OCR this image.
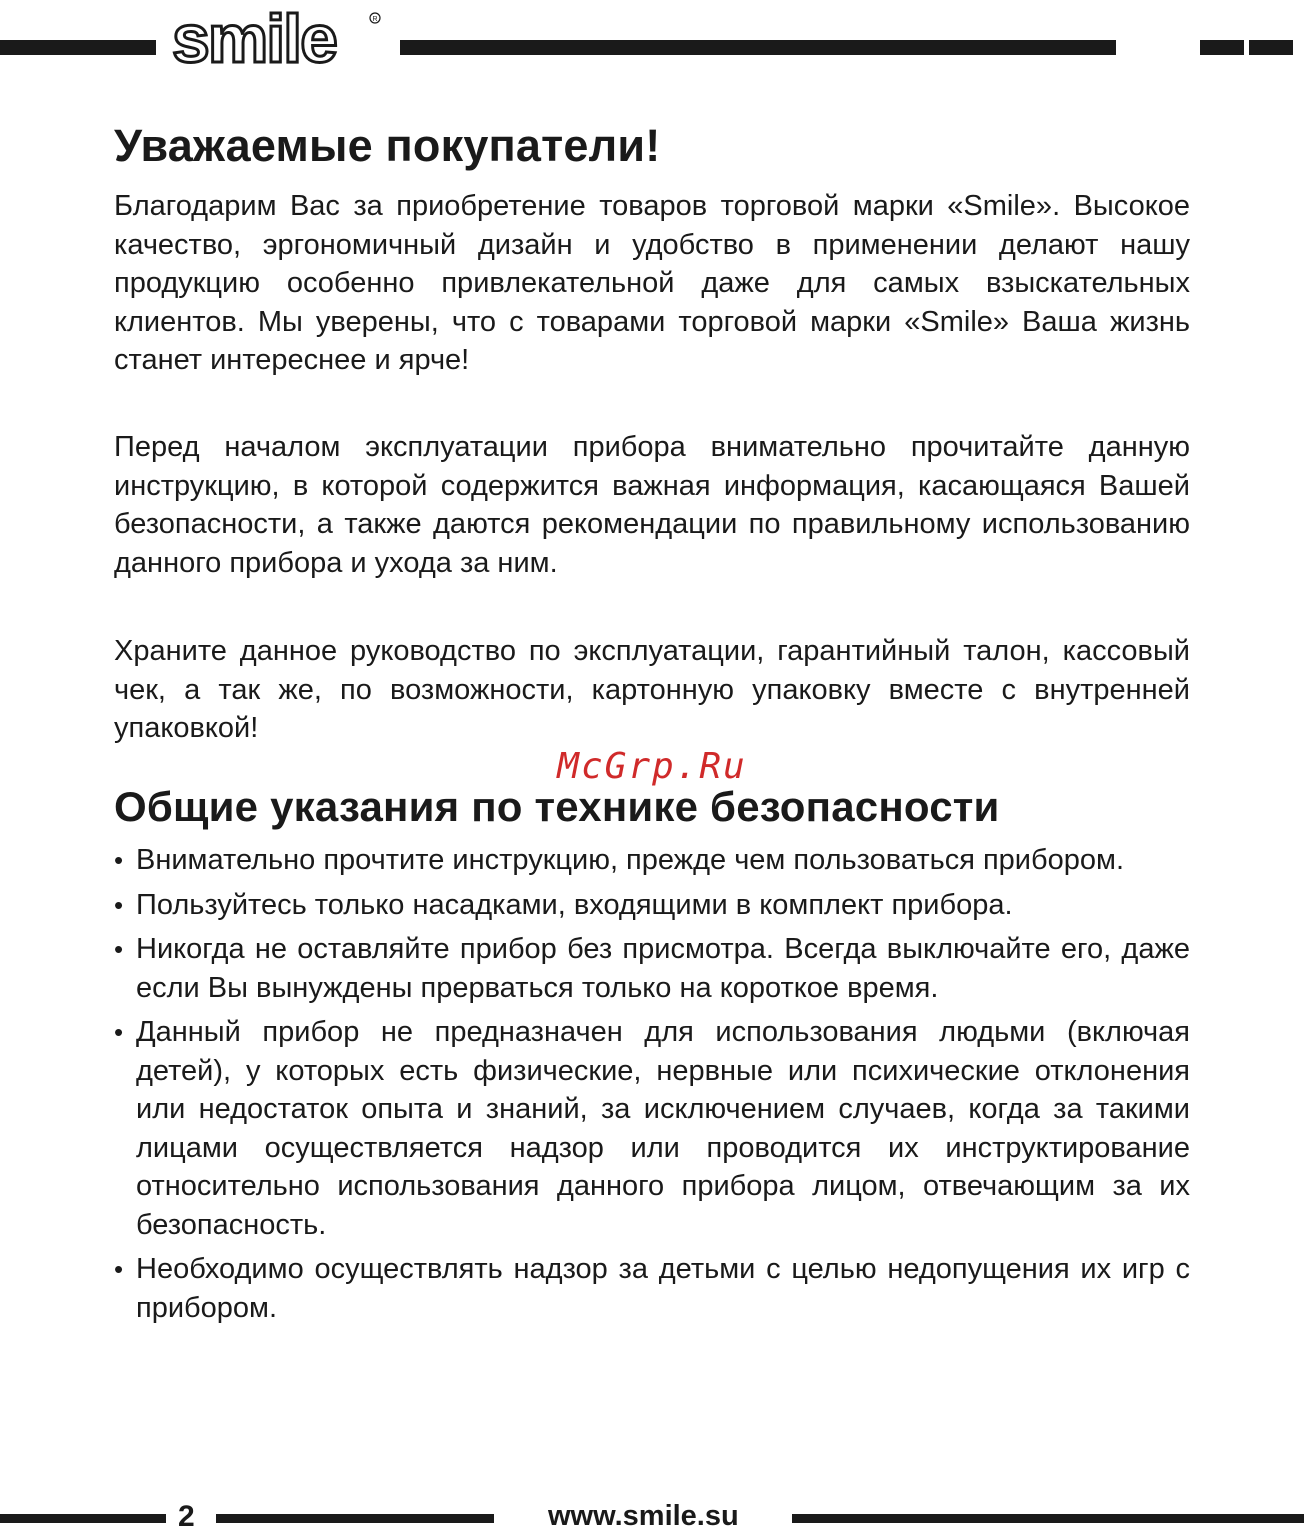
smile	R
Уважаемые покупатели!

Благодарим Вас за приобретение товаров торговой марки «Smile». Высокое качество, эргономичный дизайн и удобство в применении делают нашу продукцию особенно привлекательной даже для самых взыскательных клиентов. Мы уверены, что с товарами торговой марки «Smile» Ваша жизнь станет интереснее и ярче!

Перед началом эксплуатации прибора внимательно прочитайте данную инструкцию, в которой содержится важная информация, касающаяся Вашей безопасности, а также даются рекомендации по правильному использованию данного прибора и ухода за ним.

Храните данное руководство по эксплуатации, гарантийный талон, кассовый чек, а так же, по возможности, картонную упаковку вместе с внутренней упаковкой!

McGrp.Ru
Общие указания по технике безопасности
• Внимательно прочтите инструкцию, прежде чем пользоваться прибором.
• Пользуйтесь только насадками, входящими в комплект прибора.
• Никогда не оставляйте прибор без присмотра. Всегда выключайте его, даже если Вы вынуждены прерваться только на короткое время.
• Данный прибор не предназначен для использования людьми (включая детей), у которых есть физические, нервные или психические отклонения или недостаток опыта и знаний, за исключением случаев, когда за такими лицами осуществляется надзор или проводится их инструктирование относительно использования данного прибора лицом, отвечающим за их безопасность.
• Необходимо осуществлять надзор за детьми с целью недопущения их игр с прибором.
2	www.smile.su
